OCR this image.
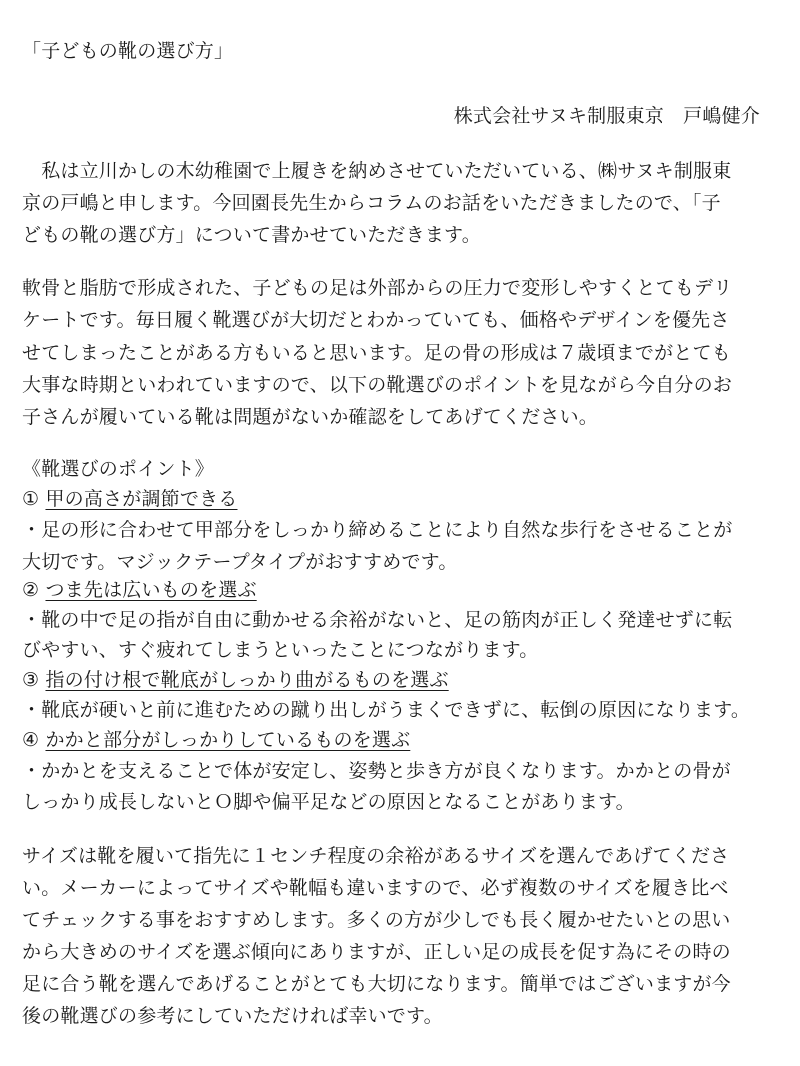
「子どもの靴の選び方」
株式会社サヌキ制服東京　戸嶋健介
　私は立川かしの木幼稚園で上履きを納めさせていただいている、㈱サヌキ制服東
京の戸嶋と申します。今回園長先生からコラムのお話をいただきましたので、「子
どもの靴の選び方」について書かせていただきます。
軟骨と脂肪で形成された、子どもの足は外部からの圧力で変形しやすくとてもデリ
ケートです。毎日履く靴選びが大切だとわかっていても、価格やデザインを優先さ
せてしまったことがある方もいると思います。足の骨の形成は７歳頃までがとても
大事な時期といわれていますので、以下の靴選びのポイントを見ながら今自分のお
子さんが履いている靴は問題がないか確認をしてあげてください。
《靴選びのポイント》
① 甲の高さが調節できる
・足の形に合わせて甲部分をしっかり締めることにより自然な歩行をさせることが
大切です。マジックテープタイプがおすすめです。
② つま先は広いものを選ぶ
・靴の中で足の指が自由に動かせる余裕がないと、足の筋肉が正しく発達せずに転
びやすい、すぐ疲れてしまうといったことにつながります。
③ 指の付け根で靴底がしっかり曲がるものを選ぶ
・靴底が硬いと前に進むための蹴り出しがうまくできずに、転倒の原因になります。
④ かかと部分がしっかりしているものを選ぶ
・かかとを支えることで体が安定し、姿勢と歩き方が良くなります。かかとの骨が
しっかり成長しないとＯ脚や偏平足などの原因となることがあります。
サイズは靴を履いて指先に１センチ程度の余裕があるサイズを選んであげてくださ
い。メーカーによってサイズや靴幅も違いますので、必ず複数のサイズを履き比べ
てチェックする事をおすすめします。多くの方が少しでも長く履かせたいとの思い
から大きめのサイズを選ぶ傾向にありますが、正しい足の成長を促す為にその時の
足に合う靴を選んであげることがとても大切になります。簡単ではございますが今
後の靴選びの参考にしていただければ幸いです。
